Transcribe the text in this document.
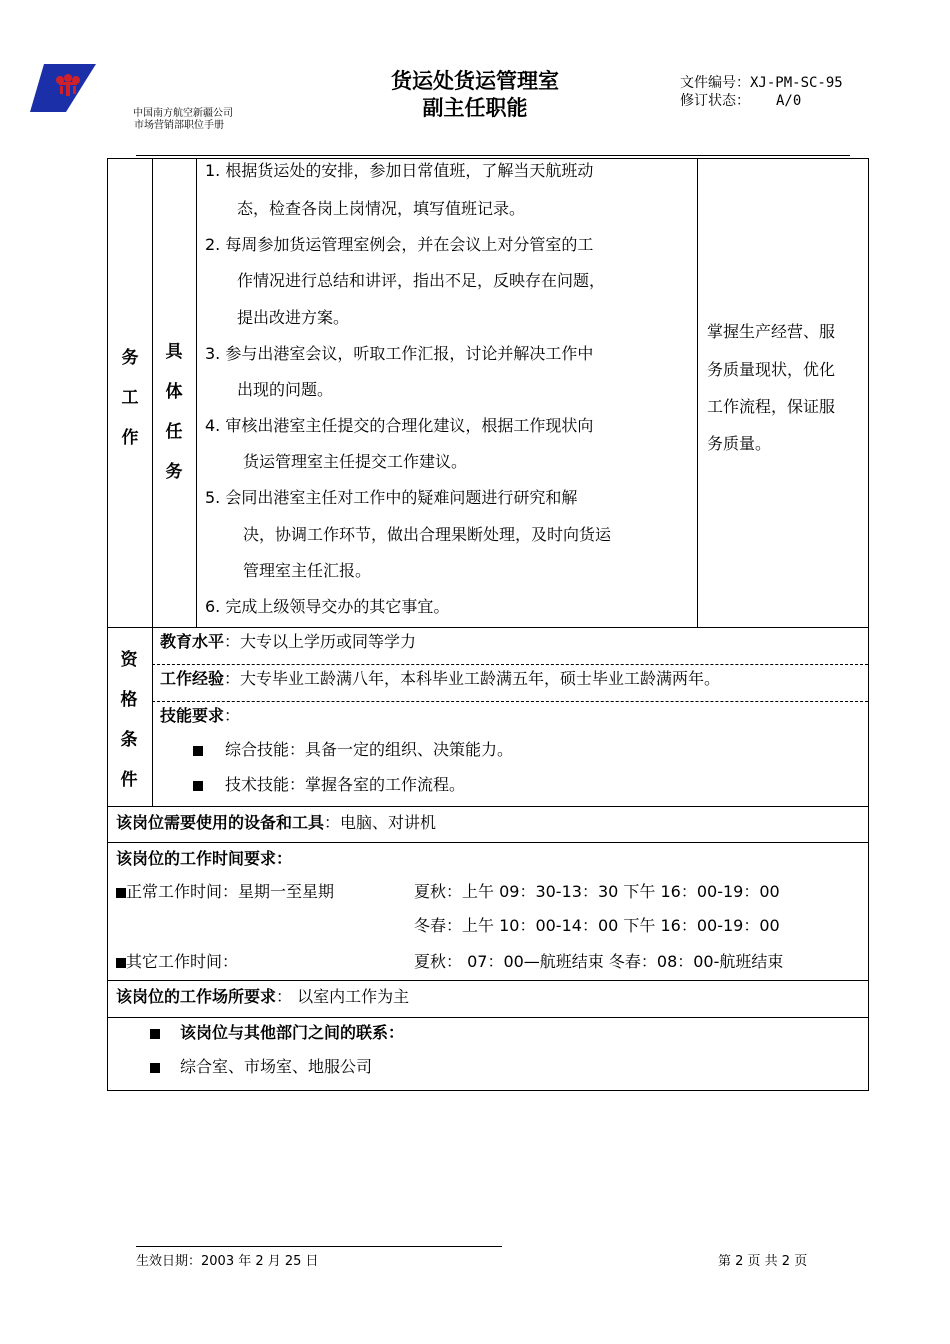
中国南方航空新疆公司
市场营销部职位手册
货运处货运管理室
副主任职能
文件编号：XJ-PM-SC-95
修订状态： A/0
务
工
作
具
体
任
务
1. 根据货运处的安排，参加日常值班，了解当天航班动
态，检查各岗上岗情况，填写值班记录。
2. 每周参加货运管理室例会，并在会议上对分管室的工
作情况进行总结和讲评，指出不足，反映存在问题，
提出改进方案。
3. 参与出港室会议，听取工作汇报，讨论并解决工作中
出现的问题。
4. 审核出港室主任提交的合理化建议，根据工作现状向
货运管理室主任提交工作建议。
5. 会同出港室主任对工作中的疑难问题进行研究和解
决，协调工作环节，做出合理果断处理，及时向货运
管理室主任汇报。
6. 完成上级领导交办的其它事宜。
掌握生产经营、服
务质量现状，优化
工作流程，保证服
务质量。
资
格
条
件
教育水平：大专以上学历或同等学力
工作经验：大专毕业工龄满八年，本科毕业工龄满五年，硕士毕业工龄满两年。
技能要求：
综合技能：具备一定的组织、决策能力。
技术技能：掌握各室的工作流程。
该岗位需要使用的设备和工具：电脑、对讲机
该岗位的工作时间要求：
正常工作时间：星期一至星期	夏秋：上午 09：30-13：30 下午 16：00-19：00
冬春：上午 10：00-14：00 下午 16：00-19：00
其它工作时间：	夏秋： 07：00—航班结束 冬春：08：00-航班结束
该岗位的工作场所要求： 以室内工作为主
该岗位与其他部门之间的联系：
综合室、市场室、地服公司
生效日期：2003 年 2 月 25 日	第 2 页 共 2 页
